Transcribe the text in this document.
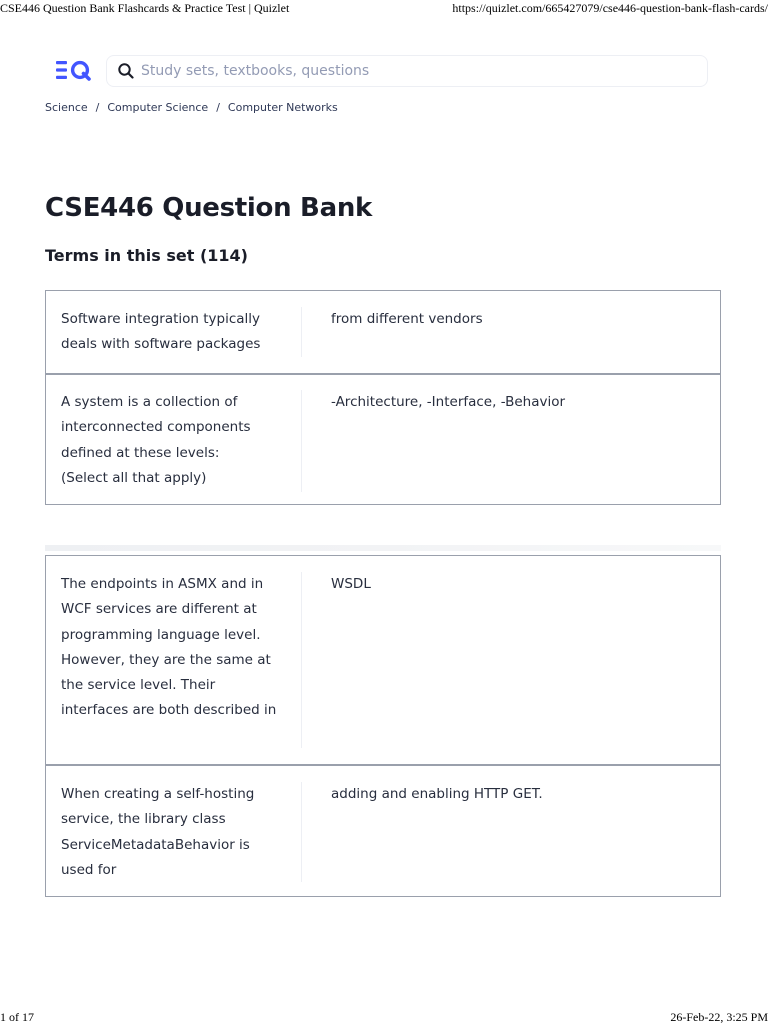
CSE446 Question Bank Flashcards & Practice Test | Quizlet	https://quizlet.com/665427079/cse446-question-bank-flash-cards/
Study sets, textbooks, questions
Science / Computer Science / Computer Networks
CSE446 Question Bank
Terms in this set (114)
Software integration typically deals with software packages
from different vendors
A system is a collection of interconnected components defined at these levels:
(Select all that apply)
-Architecture, -Interface, -Behavior
The endpoints in ASMX and in WCF services are different at programming language level. However, they are the same at the service level. Their interfaces are both described in
WSDL
When creating a self-hosting service, the library class ServiceMetadataBehavior is used for
adding and enabling HTTP GET.
1 of 17	26-Feb-22, 3:25 PM
